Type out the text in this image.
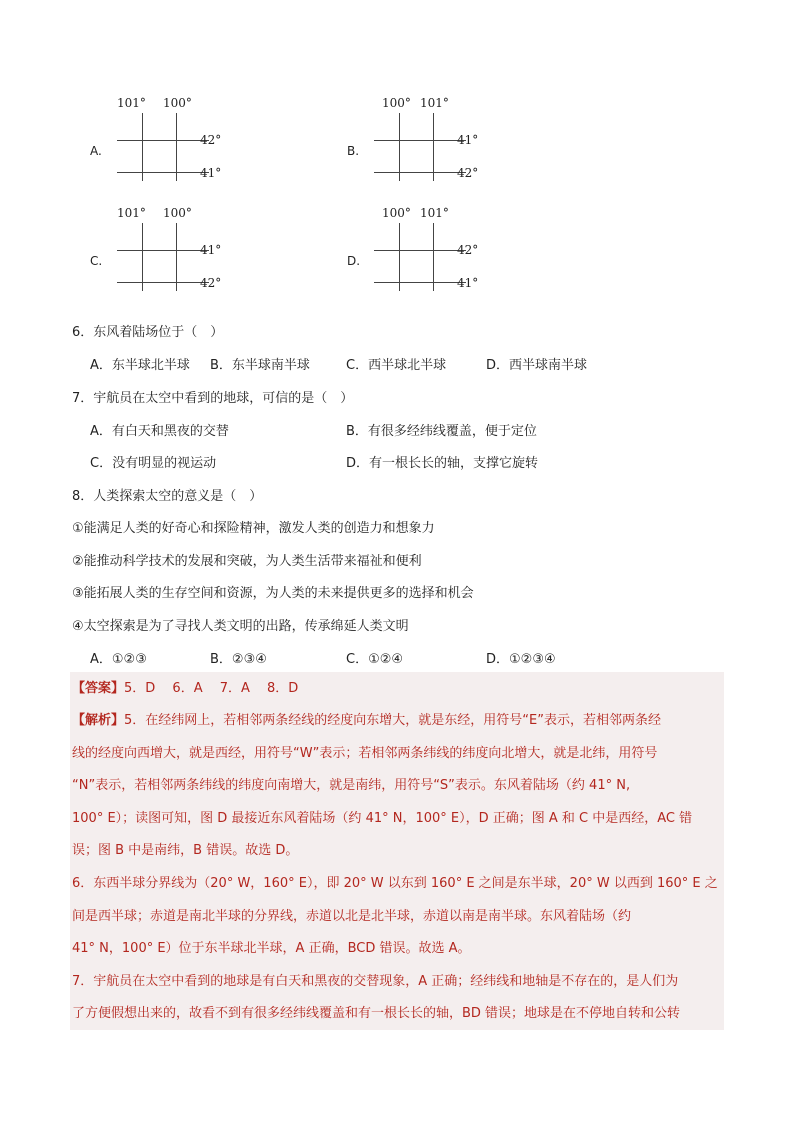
A.
101° 100°
42°
41°
B.
100° 101°
41°
42°
C.
101° 100°
41°
42°
D.
100° 101°
42°
41°
6．东风着陆场位于（　）
A．东半球北半球 B．东半球南半球	C．西半球北半球	D．西半球南半球
7．宇航员在太空中看到的地球，可信的是（　）
A．有白天和黑夜的交替	B．有很多经纬线覆盖，便于定位
C．没有明显的视运动	D．有一根长长的轴，支撑它旋转
8．人类探索太空的意义是（　）
①能满足人类的好奇心和探险精神，激发人类的创造力和想象力
②能推动科学技术的发展和突破，为人类生活带来福祉和便利
③能拓展人类的生存空间和资源，为人类的未来提供更多的选择和机会
④太空探索是为了寻找人类文明的出路，传承绵延人类文明
A．①②③	B．②③④	C．①②④	D．①②③④
【答案】5．D　 6．A　 7．A　 8．D
【解析】5．在经纬网上，若相邻两条经线的经度向东增大，就是东经，用符号“E”表示，若相邻两条经
线的经度向西增大，就是西经，用符号“W”表示；若相邻两条纬线的纬度向北增大，就是北纬，用符号
“N”表示，若相邻两条纬线的纬度向南增大，就是南纬，用符号“S”表示。东风着陆场（约 41° N,
100° E）；读图可知，图 D 最接近东风着陆场（约 41° N，100° E），D 正确；图 A 和 C 中是西经，AC 错
误；图 B 中是南纬，B 错误。故选 D。
6．东西半球分界线为（20° W，160° E），即 20° W 以东到 160° E 之间是东半球，20° W 以西到 160° E 之
间是西半球；赤道是南北半球的分界线，赤道以北是北半球，赤道以南是南半球。东风着陆场（约
41° N，100° E）位于东半球北半球，A 正确，BCD 错误。故选 A。
7．宇航员在太空中看到的地球是有白天和黑夜的交替现象，A 正确；经纬线和地轴是不存在的，是人们为
了方便假想出来的，故看不到有很多经纬线覆盖和有一根长长的轴，BD 错误；地球是在不停地自转和公转
